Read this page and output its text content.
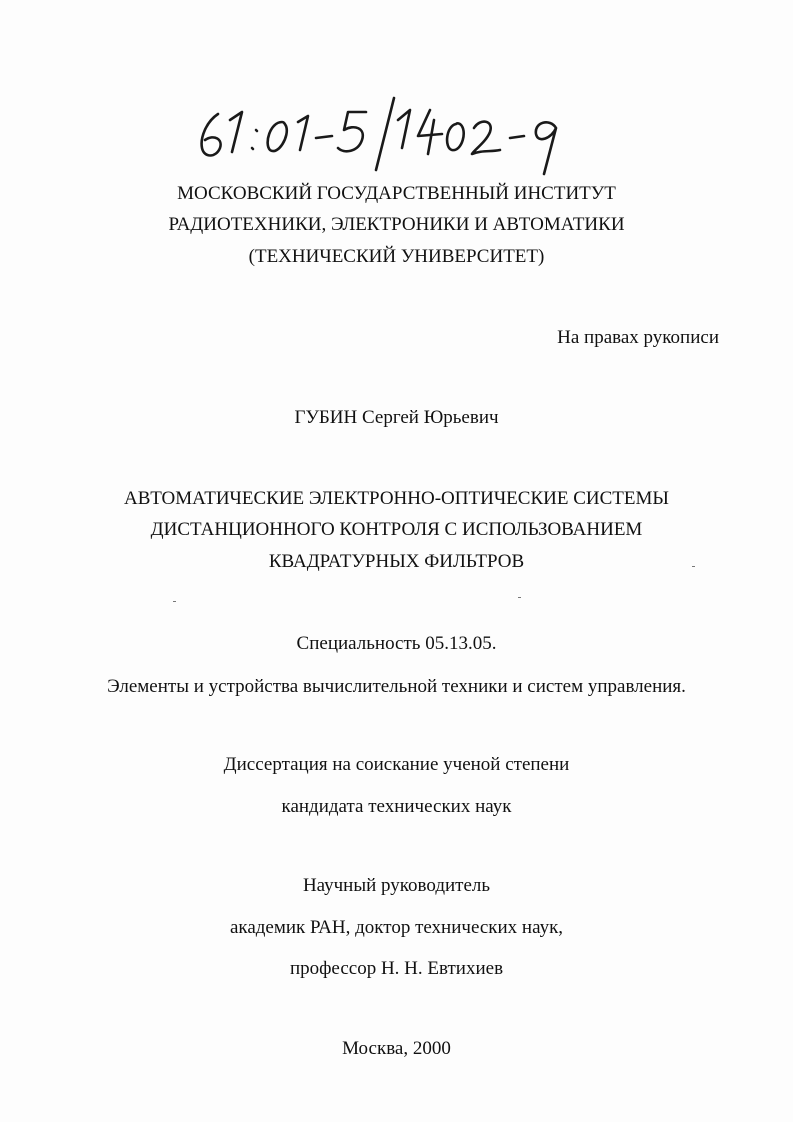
МОСКОВСКИЙ ГОСУДАРСТВЕННЫЙ ИНСТИТУТ
РАДИОТЕХНИКИ, ЭЛЕКТРОНИКИ И АВТОМАТИКИ
(ТЕХНИЧЕСКИЙ УНИВЕРСИТЕТ)
На правах рукописи
ГУБИН Сергей Юрьевич
АВТОМАТИЧЕСКИЕ ЭЛЕКТРОННО-ОПТИЧЕСКИЕ СИСТЕМЫ
ДИСТАНЦИОННОГО КОНТРОЛЯ С ИСПОЛЬЗОВАНИЕМ
КВАДРАТУРНЫХ ФИЛЬТРОВ
Специальность 05.13.05.
Элементы и устройства вычислительной техники и систем управления.
Диссертация на соискание ученой степени
кандидата технических наук
Научный руководитель
академик РАН, доктор технических наук,
профессор Н. Н. Евтихиев
Москва, 2000
